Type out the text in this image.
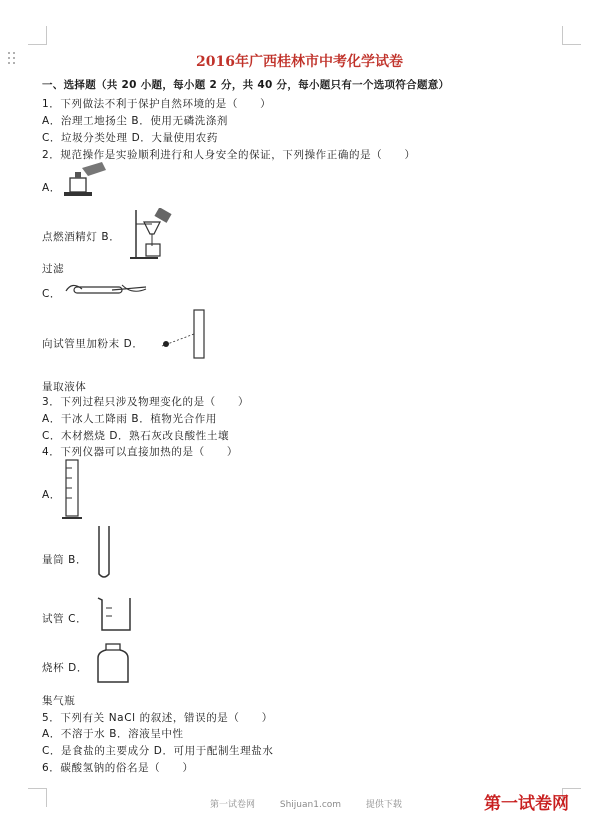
2016年广西桂林市中考化学试卷
一、选择题（共 20 小题，每小题 2 分，共 40 分，每小题只有一个选项符合题意）
1．下列做法不利于保护自然环境的是（　　）
A．治理工地扬尘 B．使用无磷洗涤剂
C．垃圾分类处理 D．大量使用农药
2．规范操作是实验顺利进行和人身安全的保证，下列操作正确的是（　　）
A．
点燃酒精灯 B．
过滤
C．
向试管里加粉末 D．
量取液体
3．下列过程只涉及物理变化的是（　　）
A．干冰人工降雨 B．植物光合作用
C．木材燃烧 D．熟石灰改良酸性土壤
4．下列仪器可以直接加热的是（　　）
A．
量筒 B．
试管 C．
烧杯 D．
集气瓶
5．下列有关 NaCl 的叙述，错误的是（　　）
A．不溶于水 B．溶液呈中性
C．是食盐的主要成分 D．可用于配制生理盐水
6．碳酸氢钠的俗名是（　　）
第一试卷网	Shijuan1.com	提供下载	第一试卷网
